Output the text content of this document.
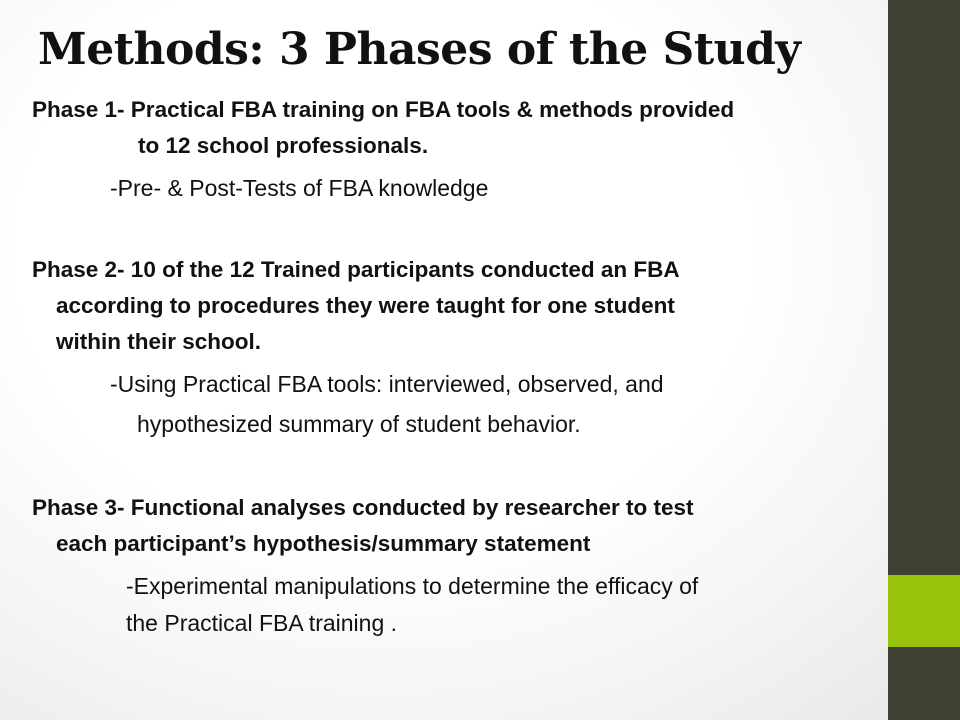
Methods: 3 Phases of the Study

Phase 1- Practical FBA training on FBA tools & methods provided

to 12 school professionals.

-Pre- & Post-Tests of FBA knowledge

Phase 2- 10 of the 12 Trained participants conducted an FBA

according to procedures they were taught for one student

within their school.

-Using Practical FBA tools: interviewed, observed, and

hypothesized summary of student behavior.

Phase 3- Functional analyses conducted by researcher to test

each participant’s hypothesis/summary statement

-Experimental manipulations to determine the efficacy of

the Practical FBA training .
